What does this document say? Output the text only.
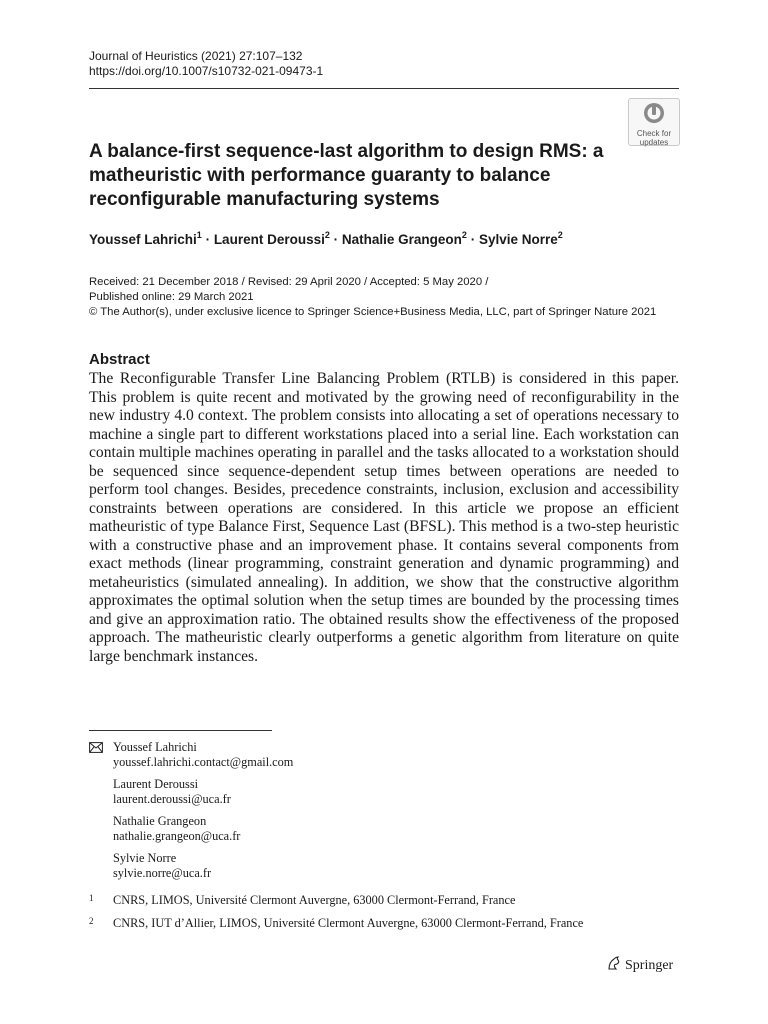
Journal of Heuristics (2021) 27:107–132
https://doi.org/10.1007/s10732-021-09473-1
Check for
updates
A balance-first sequence-last algorithm to design RMS: a matheuristic with performance guaranty to balance reconfigurable manufacturing systems
Youssef Lahrichi$^1$ · Laurent Deroussi$^2$ · Nathalie Grangeon$^2$ · Sylvie Norre$^2$
Received: 21 December 2018 / Revised: 29 April 2020 / Accepted: 5 May 2020 /
Published online: 29 March 2021
© The Author(s), under exclusive licence to Springer Science+Business Media, LLC, part of Springer Nature 2021
Abstract
The Reconfigurable Transfer Line Balancing Problem (RTLB) is considered in this paper. This problem is quite recent and motivated by the growing need of reconfigurability in the new industry 4.0 context. The problem consists into allocating a set of operations necessary to machine a single part to different workstations placed into a serial line. Each workstation can contain multiple machines operating in parallel and the tasks allocated to a workstation should be sequenced since sequence-dependent setup times between operations are needed to perform tool changes. Besides, precedence constraints, inclusion, exclusion and accessibility constraints between operations are considered. In this article we propose an efficient matheuristic of type Balance First, Sequence Last (BFSL). This method is a two-step heuristic with a constructive phase and an improvement phase. It contains several components from exact methods (linear programming, constraint generation and dynamic programming) and metaheuristics (simulated annealing). In addition, we show that the constructive algorithm approximates the optimal solution when the setup times are bounded by the processing times and give an approximation ratio. The obtained results show the effectiveness of the proposed approach. The matheuristic clearly outperforms a genetic algorithm from literature on quite large benchmark instances.
Youssef Lahrichi
youssef.lahrichi.contact@gmail.com
Laurent Deroussi
laurent.deroussi@uca.fr
Nathalie Grangeon
nathalie.grangeon@uca.fr
Sylvie Norre
sylvie.norre@uca.fr
$^1$ CNRS, LIMOS, Université Clermont Auvergne, 63000 Clermont-Ferrand, France
$^2$ CNRS, IUT d’Allier, LIMOS, Université Clermont Auvergne, 63000 Clermont-Ferrand, France
Springer
